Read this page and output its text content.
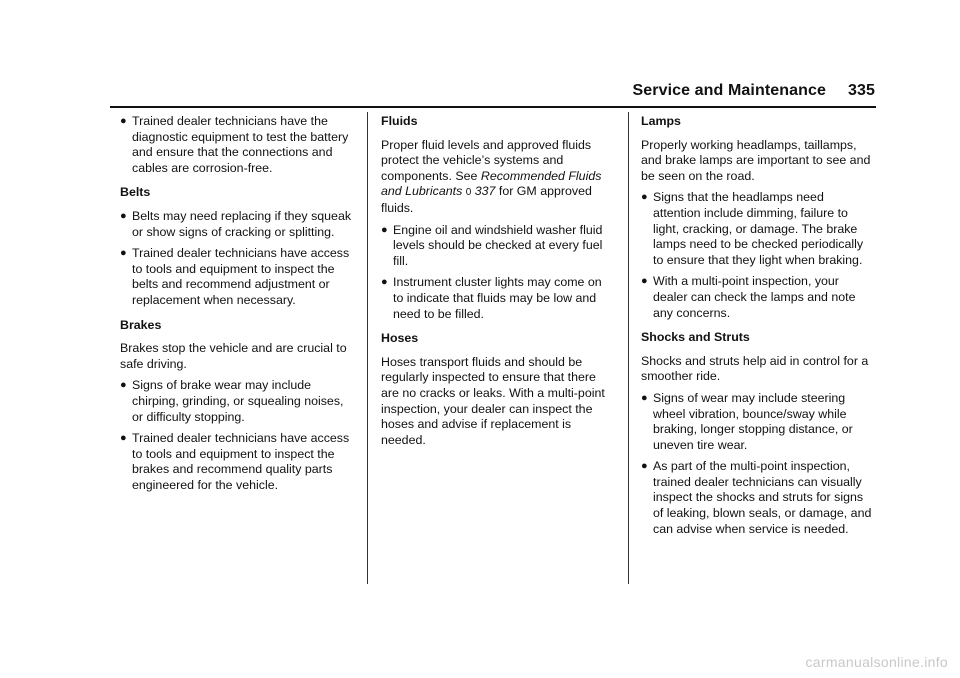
Service and Maintenance 335
● Trained dealer technicians have the diagnostic equipment to test the battery and ensure that the connections and cables are corrosion-free.
Belts
● Belts may need replacing if they squeak or show signs of cracking or splitting.
● Trained dealer technicians have access to tools and equipment to inspect the belts and recommend adjustment or replacement when necessary.
Brakes

Brakes stop the vehicle and are crucial to safe driving.

● Signs of brake wear may include chirping, grinding, or squealing noises, or difficulty stopping.
● Trained dealer technicians have access to tools and equipment to inspect the brakes and recommend quality parts engineered for the vehicle.
Fluids

Proper fluid levels and approved fluids protect the vehicle’s systems and components. See Recommended Fluids and Lubricants 0 337 for GM approved fluids.

● Engine oil and windshield washer fluid levels should be checked at every fuel fill.
● Instrument cluster lights may come on to indicate that fluids may be low and need to be filled.
Hoses

Hoses transport fluids and should be regularly inspected to ensure that there are no cracks or leaks. With a multi-point inspection, your dealer can inspect the hoses and advise if replacement is needed.

Lamps

Properly working headlamps, taillamps, and brake lamps are important to see and be seen on the road.

● Signs that the headlamps need attention include dimming, failure to light, cracking, or damage. The brake lamps need to be checked periodically to ensure that they light when braking.
● With a multi-point inspection, your dealer can check the lamps and note any concerns.
Shocks and Struts

Shocks and struts help aid in control for a smoother ride.

● Signs of wear may include steering wheel vibration, bounce/sway while braking, longer stopping distance, or uneven tire wear.
● As part of the multi-point inspection, trained dealer technicians can visually inspect the shocks and struts for signs of leaking, blown seals, or damage, and can advise when service is needed.
carmanualsonline.info
